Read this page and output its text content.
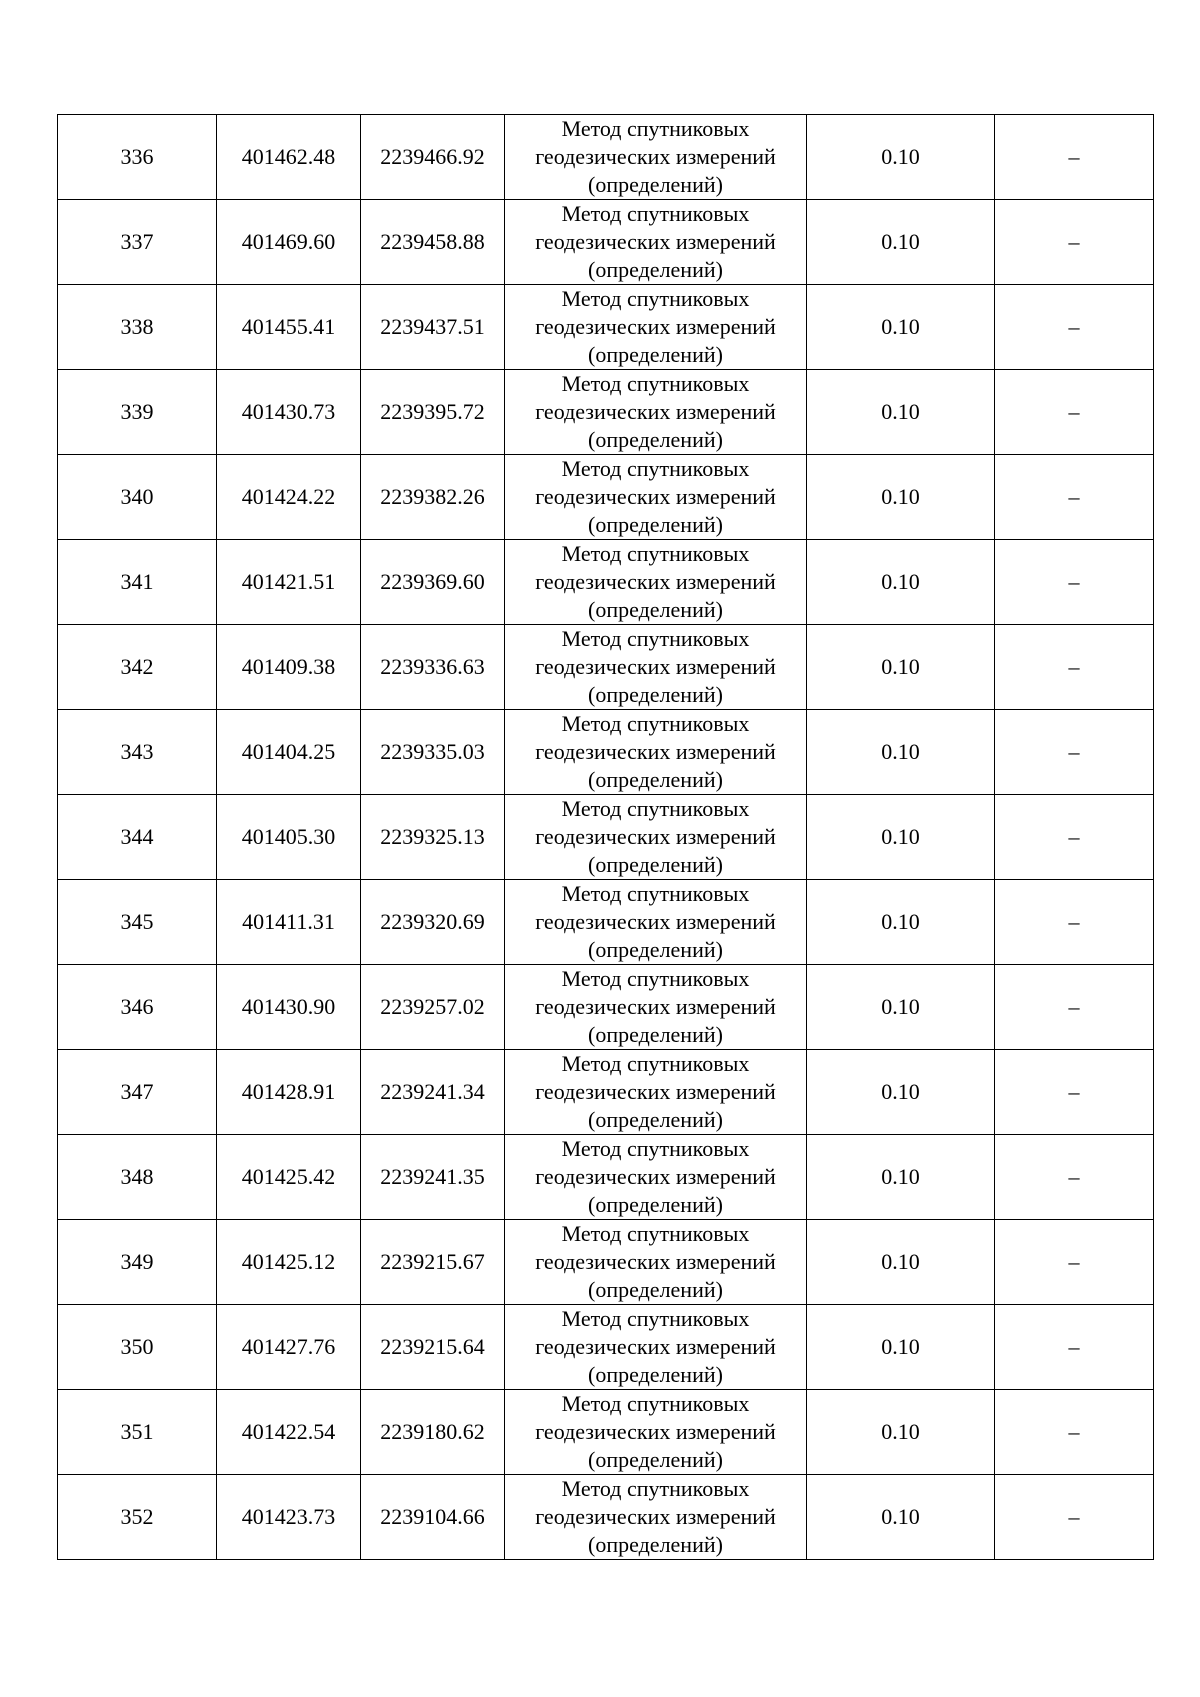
336	401462.48	2239466.92	Метод спутниковых
геодезических измерений
(определений)	0.10	–
337	401469.60	2239458.88	Метод спутниковых
геодезических измерений
(определений)	0.10	–
338	401455.41	2239437.51	Метод спутниковых
геодезических измерений
(определений)	0.10	–
339	401430.73	2239395.72	Метод спутниковых
геодезических измерений
(определений)	0.10	–
340	401424.22	2239382.26	Метод спутниковых
геодезических измерений
(определений)	0.10	–
341	401421.51	2239369.60	Метод спутниковых
геодезических измерений
(определений)	0.10	–
342	401409.38	2239336.63	Метод спутниковых
геодезических измерений
(определений)	0.10	–
343	401404.25	2239335.03	Метод спутниковых
геодезических измерений
(определений)	0.10	–
344	401405.30	2239325.13	Метод спутниковых
геодезических измерений
(определений)	0.10	–
345	401411.31	2239320.69	Метод спутниковых
геодезических измерений
(определений)	0.10	–
346	401430.90	2239257.02	Метод спутниковых
геодезических измерений
(определений)	0.10	–
347	401428.91	2239241.34	Метод спутниковых
геодезических измерений
(определений)	0.10	–
348	401425.42	2239241.35	Метод спутниковых
геодезических измерений
(определений)	0.10	–
349	401425.12	2239215.67	Метод спутниковых
геодезических измерений
(определений)	0.10	–
350	401427.76	2239215.64	Метод спутниковых
геодезических измерений
(определений)	0.10	–
351	401422.54	2239180.62	Метод спутниковых
геодезических измерений
(определений)	0.10	–
352	401423.73	2239104.66	Метод спутниковых
геодезических измерений
(определений)	0.10	–
